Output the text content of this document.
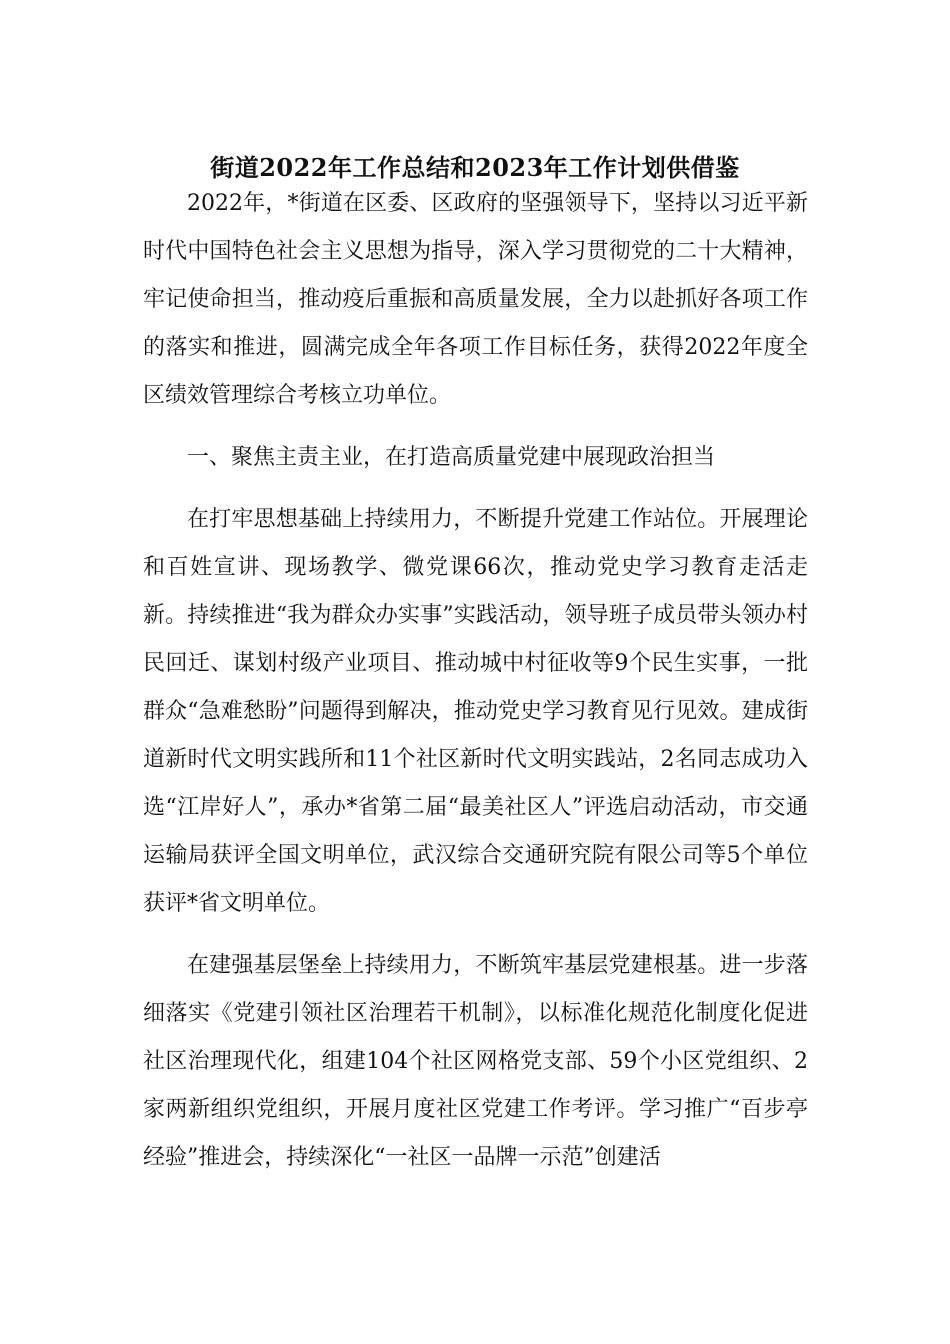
街道2022年工作总结和2023年工作计划供借鉴

2022年，*街道在区委、区政府的坚强领导下，坚持以习近平新时代中国特色社会主义思想为指导，深入学习贯彻党的二十大精神，牢记使命担当，推动疫后重振和高质量发展，全力以赴抓好各项工作的落实和推进，圆满完成全年各项工作目标任务，获得2022年度全区绩效管理综合考核立功单位。

一、聚焦主责主业，在打造高质量党建中展现政治担当

在打牢思想基础上持续用力，不断提升党建工作站位。开展理论和百姓宣讲、现场教学、微党课66次，推动党史学习教育走活走新。持续推进“我为群众办实事”实践活动，领导班子成员带头领办村民回迁、谋划村级产业项目、推动城中村征收等9个民生实事，一批群众“急难愁盼”问题得到解决，推动党史学习教育见行见效。建成街道新时代文明实践所和11个社区新时代文明实践站，2名同志成功入选“江岸好人”，承办*省第二届“最美社区人”评选启动活动，市交通运输局获评全国文明单位，武汉综合交通研究院有限公司等5个单位获评*省文明单位。

在建强基层堡垒上持续用力，不断筑牢基层党建根基。进一步落细落实《党建引领社区治理若干机制》，以标准化规范化制度化促进社区治理现代化，组建104个社区网格党支部、59个小区党组织、2家两新组织党组织，开展月度社区党建工作考评。学习推广“百步亭经验”推进会，持续深化“一社区一品牌一示范”创建活
